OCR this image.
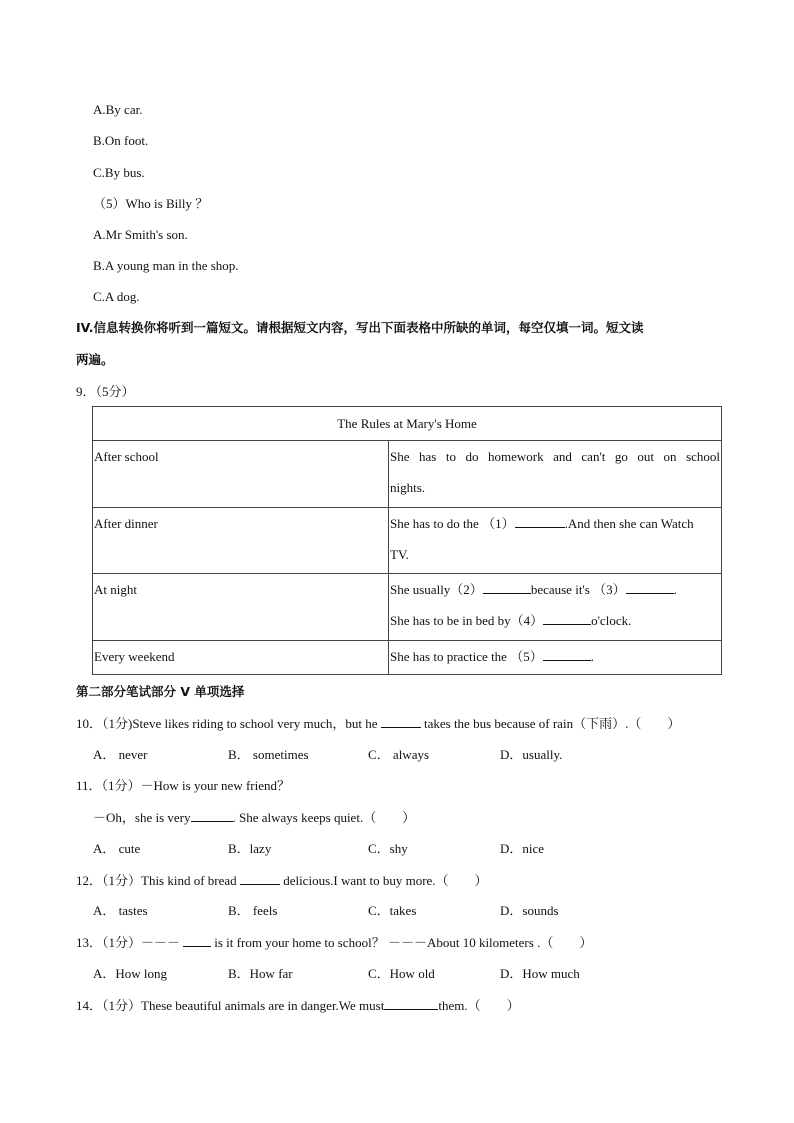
A.By car.
B.On foot.
C.By bus.
（5）Who is Billy ？
A.Mr Smith's son.
B.A young man in the shop.
C.A dog.
IV.信息转换你将听到一篇短文。请根据短文内容，写出下面表格中所缺的单词，每空仅填一词。短文读
两遍。
9．（5分）
The Rules at Mary's Home	
After school	She has to do homework and can't go out on school
nights.

After dinner	She has to do the （1） .And then she can Watch
TV.

At night	She usually（2） because it's （3） .
She has to be in bed by（4） o'clock.

Every weekend	She has to practice the （5） .
第二部分笔试部分 V 单项选择
10．（1分)Steve likes riding to school very much，but he	takes the bus because of rain（下雨）.（　　）
A． never	B． sometimes	C． always	D．usually.
11．（1分）－How is your new friend？
－Oh，she is very	. She always keeps quiet.（　　）
A． cute	B．lazy	C．shy	D．nice
12．（1分）This kind of bread	delicious.I want to buy more.（　　）
A． tastes	B． feels	C．takes	D．sounds
13．（1分）－－－	is it from your home to school？ －－－About 10 kilometers .（　　）
A．How long	B．How far	C．How old	D．How much
14．（1分）These beautiful animals are in danger.We must	them.（　　）
